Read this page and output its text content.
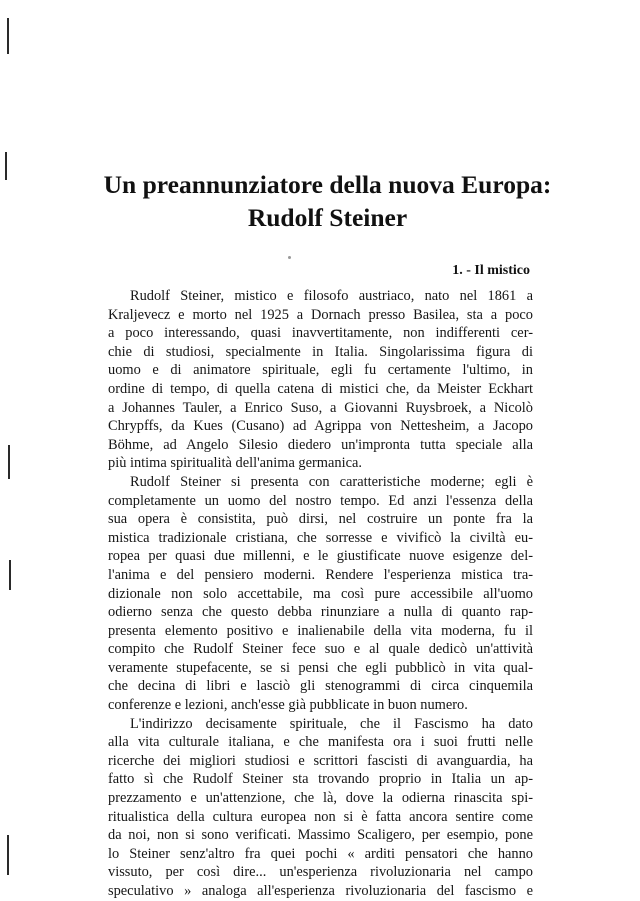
Un preannunziatore della nuova Europa:
Rudolf Steiner
1. - Il mistico

Rudolf Steiner, mistico e filosofo austriaco, nato nel 1861 a
Kraljevecz e morto nel 1925 a Dornach presso Basilea, sta a poco
a poco interessando, quasi inavvertitamente, non indifferenti cer-
chie di studiosi, specialmente in Italia. Singolarissima figura di
uomo e di animatore spirituale, egli fu certamente l'ultimo, in
ordine di tempo, di quella catena di mistici che, da Meister Eckhart
a Johannes Tauler, a Enrico Suso, a Giovanni Ruysbroek, a Nicolò
Chrypffs, da Kues (Cusano) ad Agrippa von Nettesheim, a Jacopo
Böhme, ad Angelo Silesio diedero un'impronta tutta speciale alla
più intima spiritualità dell'anima germanica.

Rudolf Steiner si presenta con caratteristiche moderne; egli è
completamente un uomo del nostro tempo. Ed anzi l'essenza della
sua opera è consistita, può dirsi, nel costruire un ponte fra la
mistica tradizionale cristiana, che sorresse e vivificò la civiltà eu-
ropea per quasi due millenni, e le giustificate nuove esigenze del-
l'anima e del pensiero moderni. Rendere l'esperienza mistica tra-
dizionale non solo accettabile, ma così pure accessibile all'uomo
odierno senza che questo debba rinunziare a nulla di quanto rap-
presenta elemento positivo e inalienabile della vita moderna, fu il
compito che Rudolf Steiner fece suo e al quale dedicò un'attività
veramente stupefacente, se si pensi che egli pubblicò in vita qual-
che decina di libri e lasciò gli stenogrammi di circa cinquemila
conferenze e lezioni, anch'esse già pubblicate in buon numero.

L'indirizzo decisamente spirituale, che il Fascismo ha dato
alla vita culturale italiana, e che manifesta ora i suoi frutti nelle
ricerche dei migliori studiosi e scrittori fascisti di avanguardia, ha
fatto sì che Rudolf Steiner sta trovando proprio in Italia un ap-
prezzamento e un'attenzione, che là, dove la odierna rinascita spi-
ritualistica della cultura europea non si è fatta ancora sentire come
da noi, non si sono verificati. Massimo Scaligero, per esempio, pone
lo Steiner senz'altro fra quei pochi « arditi pensatori che hanno
vissuto, per così dire... un'esperienza rivoluzionaria nel campo
speculativo » analoga all'esperienza rivoluzionaria del fascismo e
